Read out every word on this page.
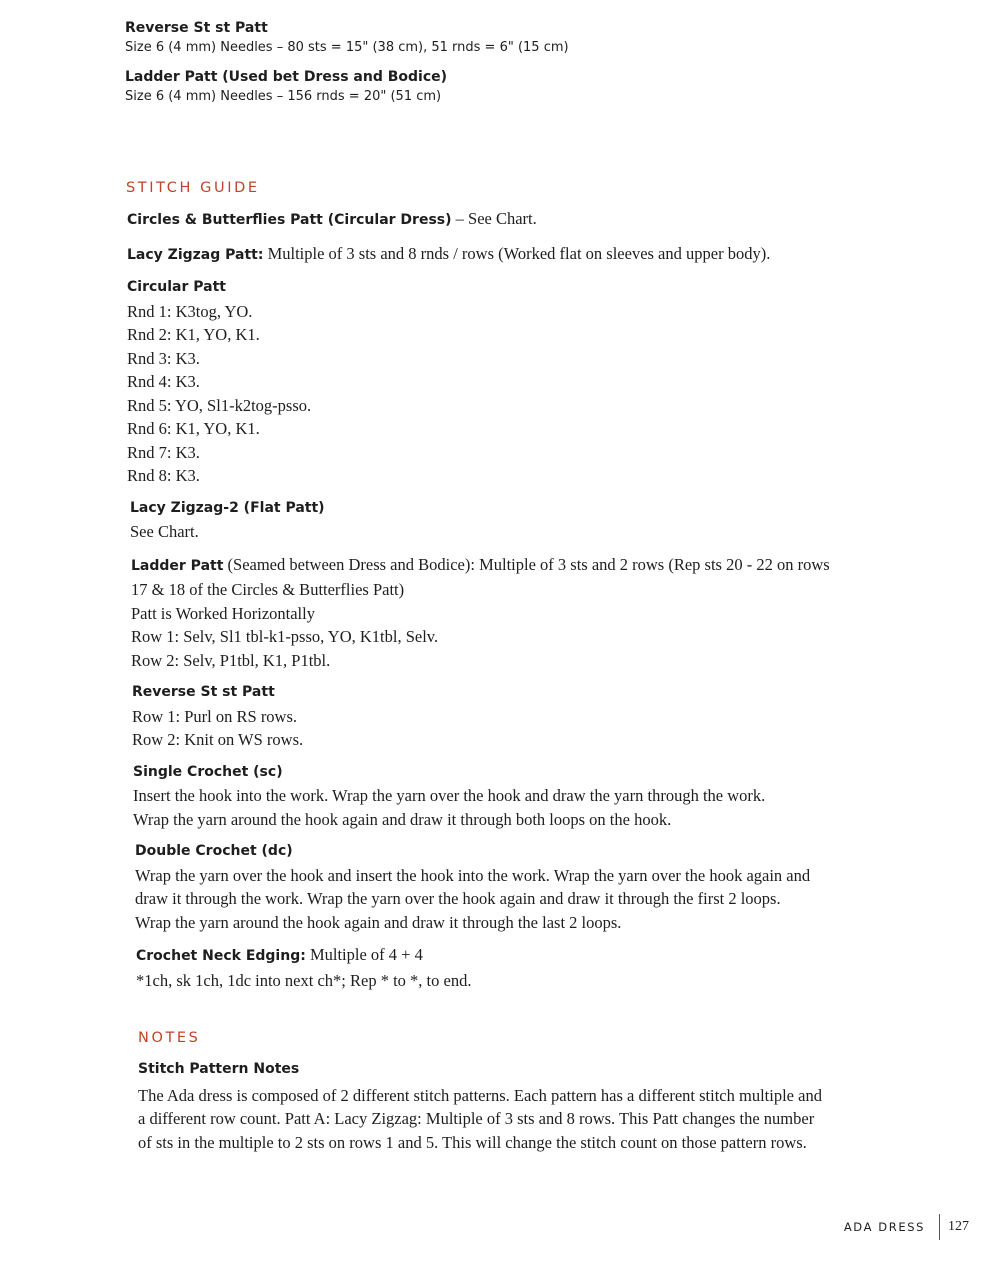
Reverse St st Patt
Size 6 (4 mm) Needles – 80 sts = 15" (38 cm), 51 rnds = 6" (15 cm)
Ladder Patt (Used bet Dress and Bodice)
Size 6 (4 mm) Needles – 156 rnds = 20" (51 cm)
STITCH GUIDE
Circles & Butterflies Patt (Circular Dress) – See Chart.
Lacy Zigzag Patt: Multiple of 3 sts and 8 rnds / rows (Worked flat on sleeves and upper body).
Circular Patt
Rnd 1: K3tog, YO.
Rnd 2: K1, YO, K1.
Rnd 3: K3.
Rnd 4: K3.
Rnd 5: YO, Sl1-k2tog-psso.
Rnd 6: K1, YO, K1.
Rnd 7: K3.
Rnd 8: K3.
Lacy Zigzag-2 (Flat Patt)
See Chart.
Ladder Patt (Seamed between Dress and Bodice): Multiple of 3 sts and 2 rows (Rep sts 20 - 22 on rows
17 & 18 of the Circles & Butterflies Patt)
Patt is Worked Horizontally
Row 1: Selv, Sl1 tbl-k1-psso, YO, K1tbl, Selv.
Row 2: Selv, P1tbl, K1, P1tbl.
Reverse St st Patt
Row 1: Purl on RS rows.
Row 2: Knit on WS rows.
Single Crochet (sc)
Insert the hook into the work. Wrap the yarn over the hook and draw the yarn through the work.
Wrap the yarn around the hook again and draw it through both loops on the hook.
Double Crochet (dc)
Wrap the yarn over the hook and insert the hook into the work. Wrap the yarn over the hook again and
draw it through the work. Wrap the yarn over the hook again and draw it through the first 2 loops.
Wrap the yarn around the hook again and draw it through the last 2 loops.
Crochet Neck Edging: Multiple of 4 + 4
*1ch, sk 1ch, 1dc into next ch*; Rep * to *, to end.
NOTES
Stitch Pattern Notes
The Ada dress is composed of 2 different stitch patterns. Each pattern has a different stitch multiple and
a different row count. Patt A: Lacy Zigzag: Multiple of 3 sts and 8 rows. This Patt changes the number
of sts in the multiple to 2 sts on rows 1 and 5. This will change the stitch count on those pattern rows.
ADA DRESS 127
